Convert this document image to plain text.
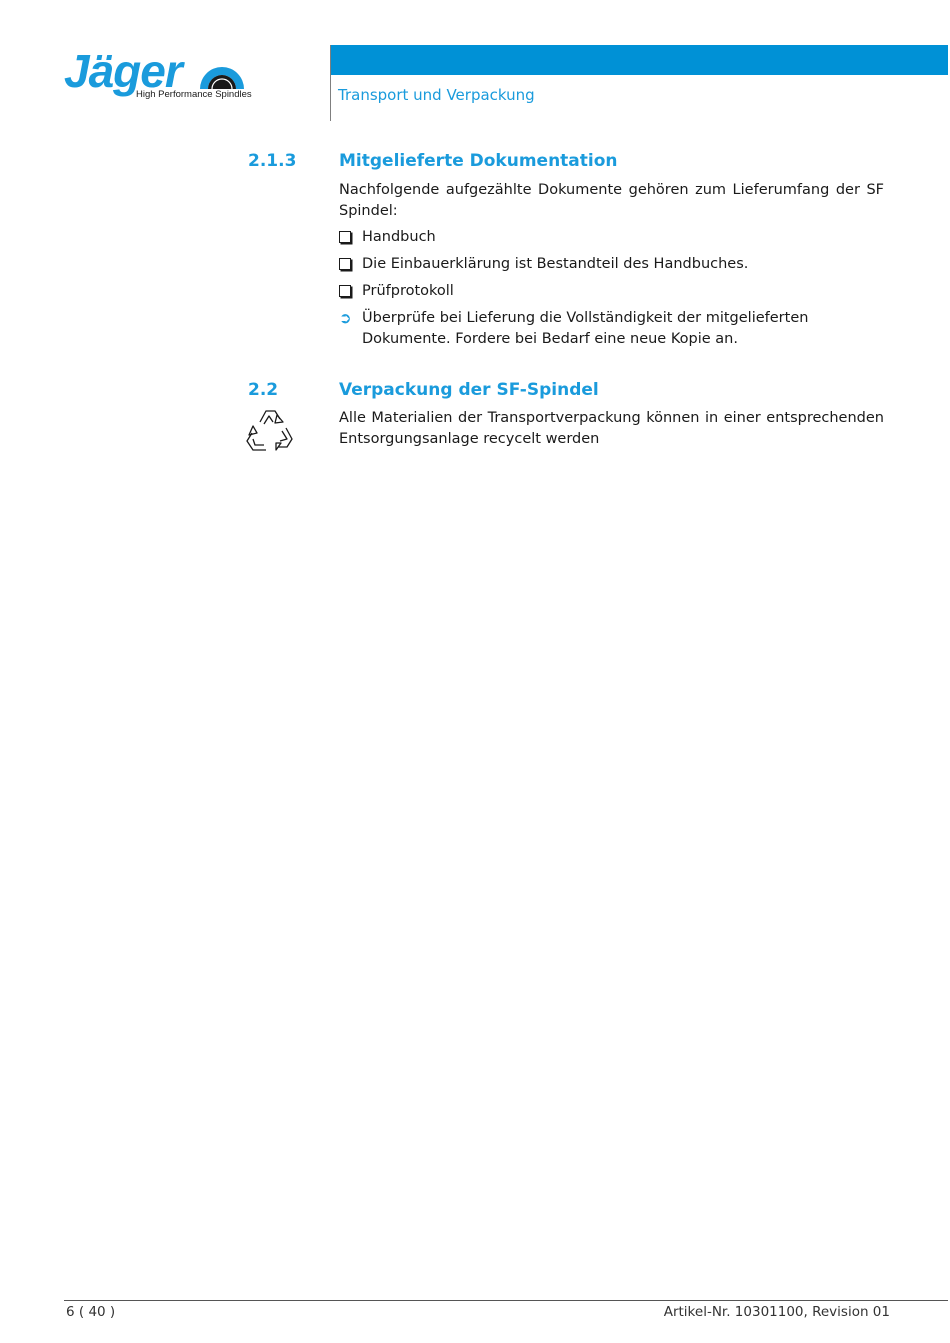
Jäger
High Performance Spindles	Transport und Verpackung
2.1.3	Mitgelieferte Dokumentation
Nachfolgende aufgezählte Dokumente gehören zum Lieferumfang der SF Spindel:
Handbuch
Die Einbauerklärung ist Bestandteil des Handbuches.
Prüfprotokoll
➲ Überprüfe bei Lieferung die Vollständigkeit der mitgelieferten Dokumente. Fordere bei Bedarf eine neue Kopie an.
2.2	Verpackung der SF-Spindel
Alle Materialien der Transportverpackung können in einer entsprechenden Entsorgungsanlage recycelt werden
6 ( 40 )	Artikel-Nr. 10301100, Revision 01
